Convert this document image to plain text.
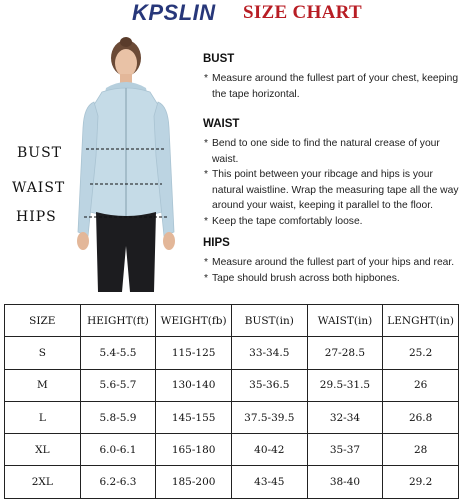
KPSLIN SIZE CHART
BUST
WAIST
HIPS
BUST
* Measure around the fullest part of your chest, keeping the tape horizontal.
WAIST
* Bend to one side to find the natural crease of your waist.
* This point between your ribcage and hips is your natural waistline. Wrap the measuring tape all the way around your waist, keeping it parallel to the floor.
* Keep the tape comfortably loose.
HIPS
* Measure around the fullest part of your hips and rear.
* Tape should brush across both hipbones.
SIZE	HEIGHT(ft)	WEIGHT(fb)	BUST(in)	WAIST(in)	LENGHT(in)
S	5.4-5.5	115-125	33-34.5	27-28.5	25.2
M	5.6-5.7	130-140	35-36.5	29.5-31.5	26
L	5.8-5.9	145-155	37.5-39.5	32-34	26.8
XL	6.0-6.1	165-180	40-42	35-37	28
2XL	6.2-6.3	185-200	43-45	38-40	29.2
